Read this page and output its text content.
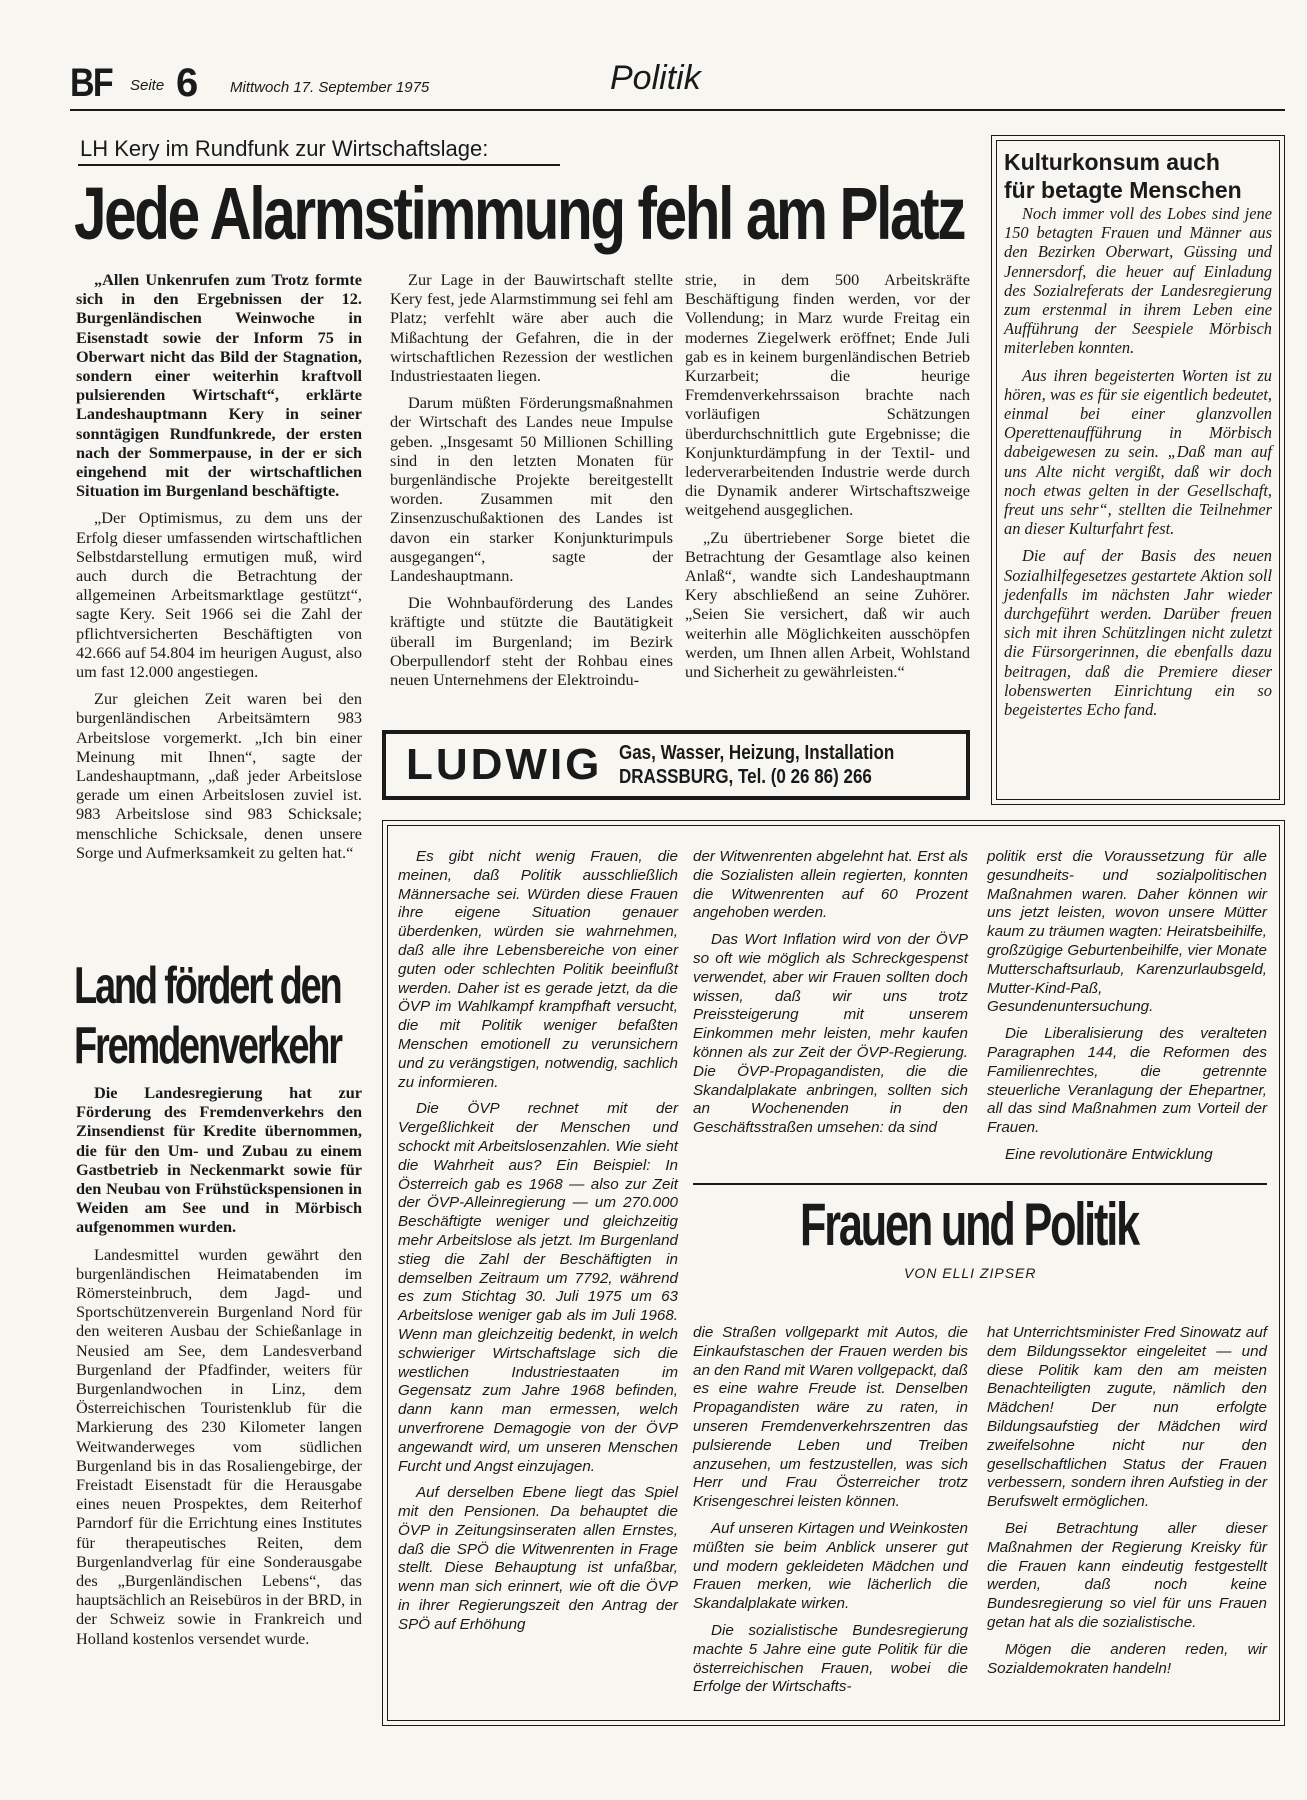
BF Seite 6 Mittwoch 17. September 1975	Politik
LH Kery im Rundfunk zur Wirtschaftslage:
Jede Alarmstimmung fehl am Platz

„Allen Unkenrufen zum Trotz formte sich in den Ergebnissen der 12. Burgenländischen Weinwoche in Eisenstadt sowie der Inform 75 in Oberwart nicht das Bild der Stagnation, sondern einer weiterhin kraftvoll pulsierenden Wirtschaft“, erklärte Landeshauptmann Kery in seiner sonntägigen Rundfunkrede, der ersten nach der Sommerpause, in der er sich eingehend mit der wirtschaftlichen Situation im Burgenland beschäftigte.

„Der Optimismus, zu dem uns der Erfolg dieser umfassenden wirtschaftlichen Selbstdarstellung ermutigen muß, wird auch durch die Betrachtung der allgemeinen Arbeitsmarktlage gestützt“, sagte Kery. Seit 1966 sei die Zahl der pflichtversicherten Beschäftigten von 42.666 auf 54.804 im heurigen August, also um fast 12.000 angestiegen.

Zur gleichen Zeit waren bei den burgenländischen Arbeitsämtern 983 Arbeitslose vorgemerkt. „Ich bin einer Meinung mit Ihnen“, sagte der Landeshauptmann, „daß jeder Arbeitslose gerade um einen Arbeitslosen zuviel ist. 983 Arbeitslose sind 983 Schicksale; menschliche Schicksale, denen unsere Sorge und Aufmerksamkeit zu gelten hat.“

Zur Lage in der Bauwirtschaft stellte Kery fest, jede Alarmstimmung sei fehl am Platz; verfehlt wäre aber auch die Mißachtung der Gefahren, die in der wirtschaftlichen Rezession der westlichen Industriestaaten liegen.

Darum müßten Förderungsmaßnahmen der Wirtschaft des Landes neue Impulse geben. „Insgesamt 50 Millionen Schilling sind in den letzten Monaten für burgenländische Projekte bereitgestellt worden. Zusammen mit den Zinsenzuschußaktionen des Landes ist davon ein starker Konjunkturimpuls ausgegangen“, sagte der Landeshauptmann.

Die Wohnbauförderung des Landes kräftigte und stützte die Bautätigkeit überall im Burgenland; im Bezirk Oberpullendorf steht der Rohbau eines neuen Unternehmens der Elektroindu-

strie, in dem 500 Arbeitskräfte Beschäftigung finden werden, vor der Vollendung; in Marz wurde Freitag ein modernes Ziegelwerk eröffnet; Ende Juli gab es in keinem burgenländischen Betrieb Kurzarbeit; die heurige Fremdenverkehrssaison brachte nach vorläufigen Schätzungen überdurchschnittlich gute Ergebnisse; die Konjunkturdämpfung in der Textil- und lederverarbeitenden Industrie werde durch die Dynamik anderer Wirtschaftszweige weitgehend ausgeglichen.

„Zu übertriebener Sorge bietet die Betrachtung der Gesamtlage also keinen Anlaß“, wandte sich Landeshauptmann Kery abschließend an seine Zuhörer. „Seien Sie versichert, daß wir auch weiterhin alle Möglichkeiten ausschöpfen werden, um Ihnen allen Arbeit, Wohlstand und Sicherheit zu gewährleisten.“

LUDWIG Gas, Wasser, Heizung, Installation
DRASSBURG, Tel. (0 26 86) 266
Kulturkonsum auch
für betagte Menschen

Noch immer voll des Lobes sind jene 150 betagten Frauen und Männer aus den Bezirken Oberwart, Güssing und Jennersdorf, die heuer auf Einladung des Sozialreferats der Landesregierung zum erstenmal in ihrem Leben eine Aufführung der Seespiele Mörbisch miterleben konnten.

Aus ihren begeisterten Worten ist zu hören, was es für sie eigentlich bedeutet, einmal bei einer glanzvollen Operettenaufführung in Mörbisch dabeigewesen zu sein. „Daß man auf uns Alte nicht vergißt, daß wir doch noch etwas gelten in der Gesellschaft, freut uns sehr“, stellten die Teilnehmer an dieser Kulturfahrt fest.

Die auf der Basis des neuen Sozialhilfegesetzes gestartete Aktion soll jedenfalls im nächsten Jahr wieder durchgeführt werden. Darüber freuen sich mit ihren Schützlingen nicht zuletzt die Fürsorgerinnen, die ebenfalls dazu beitragen, daß die Premiere dieser lobenswerten Einrichtung ein so begeistertes Echo fand.

Land fördert den
Fremdenverkehr

Die Landesregierung hat zur Förderung des Fremdenverkehrs den Zinsendienst für Kredite übernommen, die für den Um- und Zubau zu einem Gastbetrieb in Neckenmarkt sowie für den Neubau von Frühstückspensionen in Weiden am See und in Mörbisch aufgenommen wurden.

Landesmittel wurden gewährt den burgenländischen Heimatabenden im Römersteinbruch, dem Jagd- und Sportschützenverein Burgenland Nord für den weiteren Ausbau der Schießanlage in Neusied am See, dem Landesverband Burgenland der Pfadfinder, weiters für Burgenlandwochen in Linz, dem Österreichischen Touristenklub für die Markierung des 230 Kilometer langen Weitwanderweges vom südlichen Burgenland bis in das Rosaliengebirge, der Freistadt Eisenstadt für die Herausgabe eines neuen Prospektes, dem Reiterhof Parndorf für die Errichtung eines Institutes für therapeutisches Reiten, dem Burgenlandverlag für eine Sonderausgabe des „Burgenländischen Lebens“, das hauptsächlich an Reisebüros in der BRD, in der Schweiz sowie in Frankreich und Holland kostenlos versendet wurde.

Es gibt nicht wenig Frauen, die meinen, daß Politik ausschließlich Männersache sei. Würden diese Frauen ihre eigene Situation genauer überdenken, würden sie wahrnehmen, daß alle ihre Lebensbereiche von einer guten oder schlechten Politik beeinflußt werden. Daher ist es gerade jetzt, da die ÖVP im Wahlkampf krampfhaft versucht, die mit Politik weniger befaßten Menschen emotionell zu verunsichern und zu verängstigen, notwendig, sachlich zu informieren.

Die ÖVP rechnet mit der Vergeßlichkeit der Menschen und schockt mit Arbeitslosenzahlen. Wie sieht die Wahrheit aus? Ein Beispiel: In Österreich gab es 1968 — also zur Zeit der ÖVP-Alleinregierung — um 270.000 Beschäftigte weniger und gleichzeitig mehr Arbeitslose als jetzt. Im Burgenland stieg die Zahl der Beschäftigten in demselben Zeitraum um 7792, während es zum Stichtag 30. Juli 1975 um 63 Arbeitslose weniger gab als im Juli 1968. Wenn man gleichzeitig bedenkt, in welch schwieriger Wirtschaftslage sich die westlichen Industriestaaten im Gegensatz zum Jahre 1968 befinden, dann kann man ermessen, welch unverfrorene Demagogie von der ÖVP angewandt wird, um unseren Menschen Furcht und Angst einzujagen.

Auf derselben Ebene liegt das Spiel mit den Pensionen. Da behauptet die ÖVP in Zeitungsinseraten allen Ernstes, daß die SPÖ die Witwenrenten in Frage stellt. Diese Behauptung ist unfaßbar, wenn man sich erinnert, wie oft die ÖVP in ihrer Regierungszeit den Antrag der SPÖ auf Erhöhung

der Witwenrenten abgelehnt hat. Erst als die Sozialisten allein regierten, konnten die Witwenrenten auf 60 Prozent angehoben werden.

Das Wort Inflation wird von der ÖVP so oft wie möglich als Schreckgespenst verwendet, aber wir Frauen sollten doch wissen, daß wir uns trotz Preissteigerung mit unserem Einkommen mehr leisten, mehr kaufen können als zur Zeit der ÖVP-Regierung. Die ÖVP-Propagandisten, die die Skandalplakate anbringen, sollten sich an Wochenenden in den Geschäftsstraßen umsehen: da sind

politik erst die Voraussetzung für alle gesundheits- und sozialpolitischen Maßnahmen waren. Daher können wir uns jetzt leisten, wovon unsere Mütter kaum zu träumen wagten: Heiratsbeihilfe, großzügige Geburtenbeihilfe, vier Monate Mutterschaftsurlaub, Karenzurlaubsgeld, Mutter-Kind-Paß, Gesundenuntersuchung.

Die Liberalisierung des veralteten Paragraphen 144, die Reformen des Familienrechtes, die getrennte steuerliche Veranlagung der Ehepartner, all das sind Maßnahmen zum Vorteil der Frauen.

Eine revolutionäre Entwicklung

Frauen und Politik
VON ELLI ZIPSER

die Straßen vollgeparkt mit Autos, die Einkaufstaschen der Frauen werden bis an den Rand mit Waren vollgepackt, daß es eine wahre Freude ist. Denselben Propagandisten wäre zu raten, in unseren Fremdenverkehrszentren das pulsierende Leben und Treiben anzusehen, um festzustellen, was sich Herr und Frau Österreicher trotz Krisengeschrei leisten können.

Auf unseren Kirtagen und Weinkosten müßten sie beim Anblick unserer gut und modern gekleideten Mädchen und Frauen merken, wie lächerlich die Skandalplakate wirken.

Die sozialistische Bundesregierung machte 5 Jahre eine gute Politik für die österreichischen Frauen, wobei die Erfolge der Wirtschafts-

hat Unterrichtsminister Fred Sinowatz auf dem Bildungssektor eingeleitet — und diese Politik kam den am meisten Benachteiligten zugute, nämlich den Mädchen! Der nun erfolgte Bildungsaufstieg der Mädchen wird zweifelsohne nicht nur den gesellschaftlichen Status der Frauen verbessern, sondern ihren Aufstieg in der Berufswelt ermöglichen.

Bei Betrachtung aller dieser Maßnahmen der Regierung Kreisky für die Frauen kann eindeutig festgestellt werden, daß noch keine Bundesregierung so viel für uns Frauen getan hat als die sozialistische.

Mögen die anderen reden, wir Sozialdemokraten handeln!
